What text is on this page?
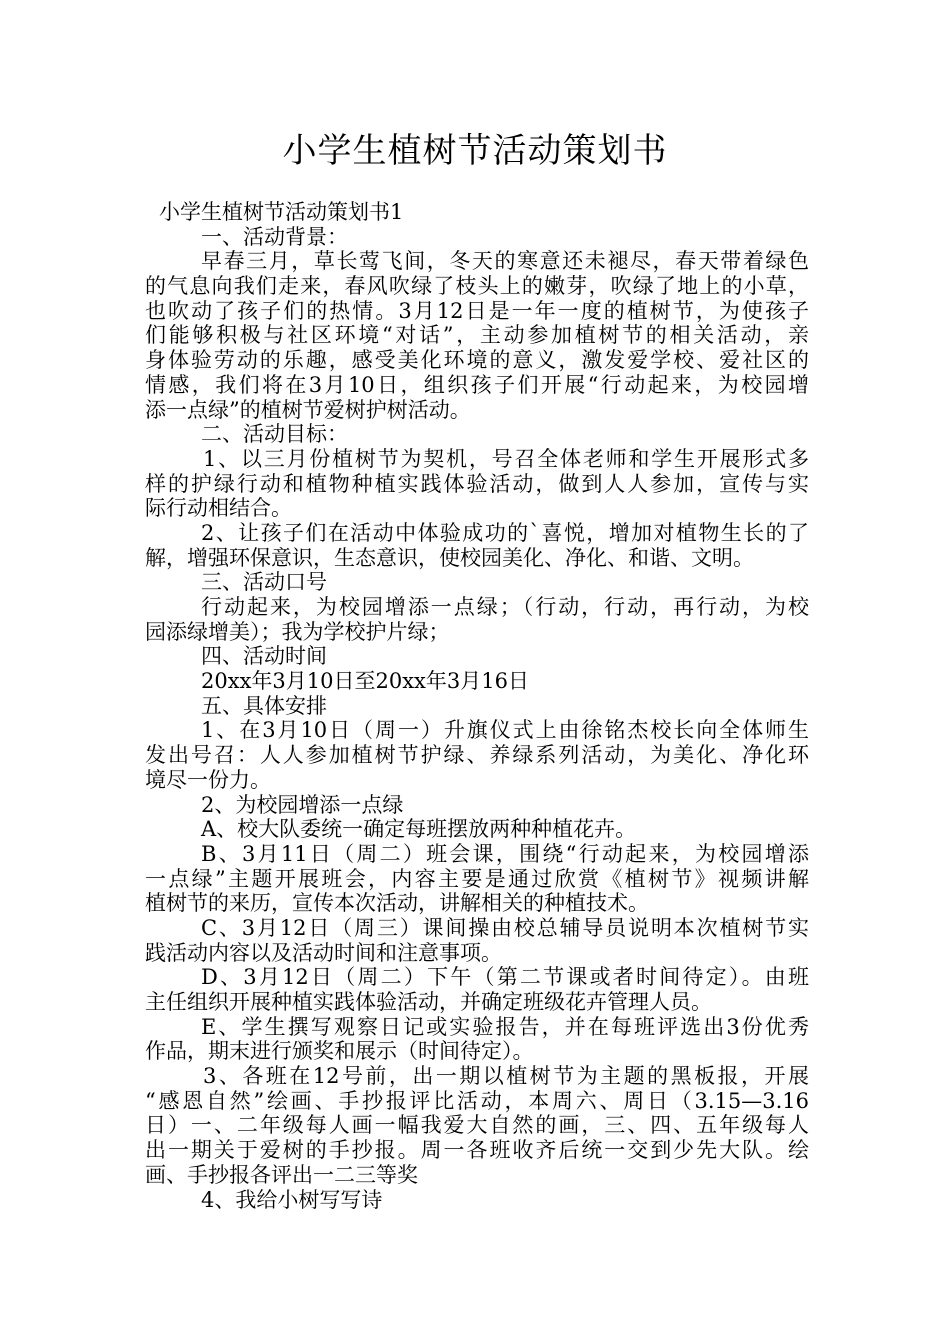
小学生植树节活动策划书
小学生植树节活动策划书1
一、活动背景：
早春三月，草长莺飞间，冬天的寒意还未褪尽，春天带着绿色
的气息向我们走来，春风吹绿了枝头上的嫩芽，吹绿了地上的小草，
也吹动了孩子们的热情。3月12日是一年一度的植树节，为使孩子
们能够积极与社区环境“对话”，主动参加植树节的相关活动，亲
身体验劳动的乐趣，感受美化环境的意义，激发爱学校、爱社区的
情感，我们将在3月10日，组织孩子们开展“行动起来，为校园增
添一点绿”的植树节爱树护树活动。
二、活动目标：
1、以三月份植树节为契机，号召全体老师和学生开展形式多
样的护绿行动和植物种植实践体验活动，做到人人参加，宣传与实
际行动相结合。
2、让孩子们在活动中体验成功的`喜悦，增加对植物生长的了
解，增强环保意识，生态意识，使校园美化、净化、和谐、文明。
三、活动口号
行动起来，为校园增添一点绿；（行动，行动，再行动，为校
园添绿增美）；我为学校护片绿；
四、活动时间
20xx年3月10日至20xx年3月16日
五、具体安排
1、在3月10日（周一）升旗仪式上由徐铭杰校长向全体师生
发出号召：人人参加植树节护绿、养绿系列活动，为美化、净化环
境尽一份力。
2、为校园增添一点绿
A、校大队委统一确定每班摆放两种种植花卉。
B、3月11日（周二）班会课，围绕“行动起来，为校园增添
一点绿”主题开展班会，内容主要是通过欣赏《植树节》视频讲解
植树节的来历，宣传本次活动，讲解相关的种植技术。
C、3月12日（周三）课间操由校总辅导员说明本次植树节实
践活动内容以及活动时间和注意事项。
D、3月12日（周二）下午（第二节课或者时间待定）。由班
主任组织开展种植实践体验活动，并确定班级花卉管理人员。
E、学生撰写观察日记或实验报告，并在每班评选出3份优秀
作品，期末进行颁奖和展示（时间待定）。
3、各班在12号前，出一期以植树节为主题的黑板报，开展
“感恩自然”绘画、手抄报评比活动，本周六、周日（3.15—3.16
日）一、二年级每人画一幅我爱大自然的画，三、四、五年级每人
出一期关于爱树的手抄报。周一各班收齐后统一交到少先大队。绘
画、手抄报各评出一二三等奖
4、我给小树写写诗
